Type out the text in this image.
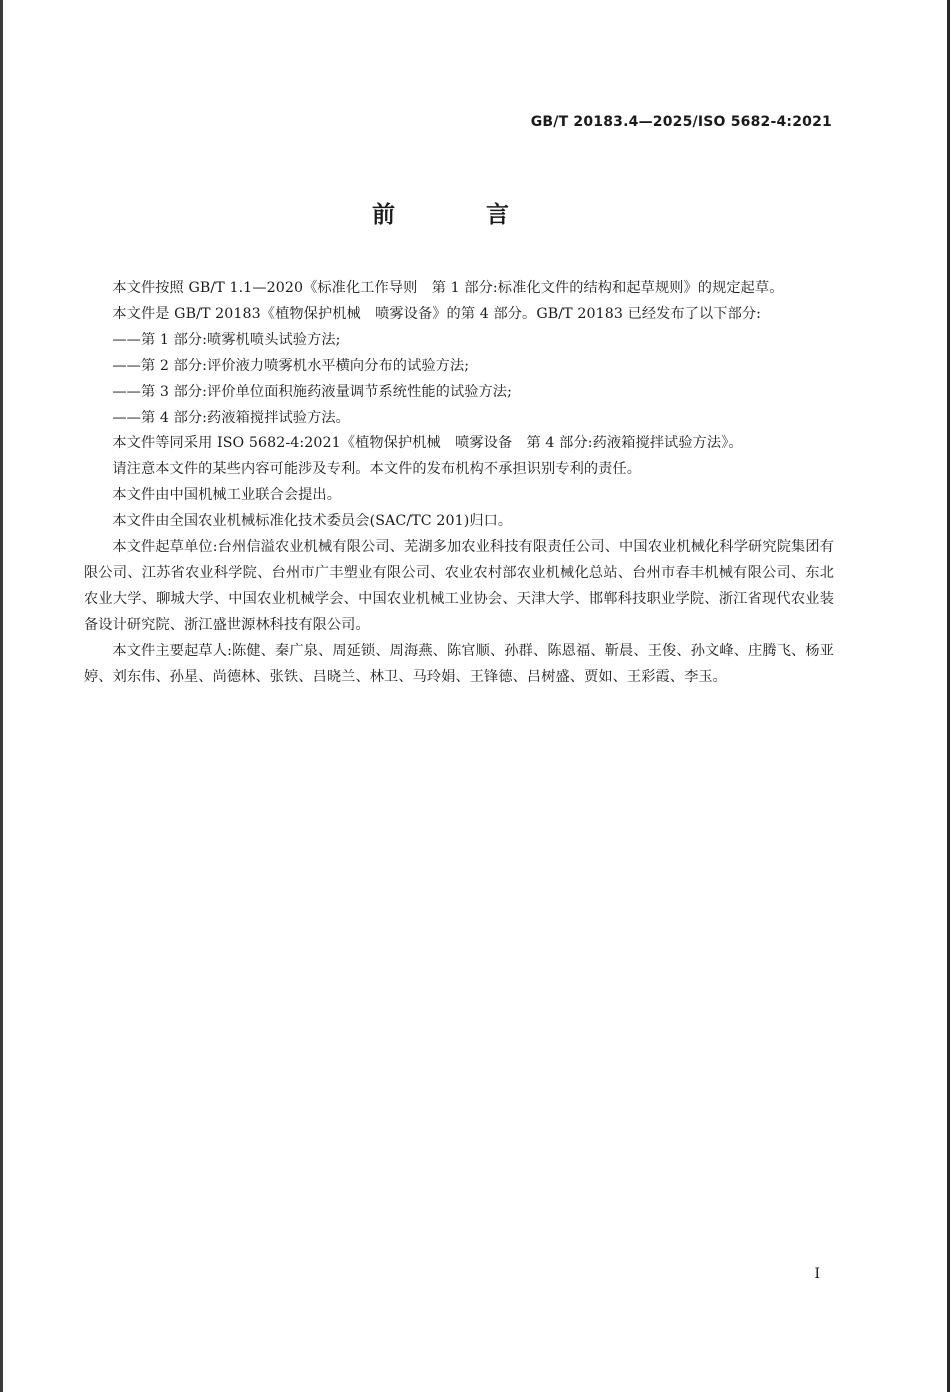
GB/T 20183.4—2025/ISO 5682-4:2021
前　言

本文件按照 GB/T 1.1—2020《标准化工作导则　第 1 部分:标准化文件的结构和起草规则》的规定起草。

本文件是 GB/T 20183《植物保护机械　喷雾设备》的第 4 部分。GB/T 20183 已经发布了以下部分:

——第 1 部分:喷雾机喷头试验方法;

——第 2 部分:评价液力喷雾机水平横向分布的试验方法;

——第 3 部分:评价单位面积施药液量调节系统性能的试验方法;

——第 4 部分:药液箱搅拌试验方法。

本文件等同采用 ISO 5682-4:2021《植物保护机械　喷雾设备　第 4 部分:药液箱搅拌试验方法》。

请注意本文件的某些内容可能涉及专利。本文件的发布机构不承担识别专利的责任。

本文件由中国机械工业联合会提出。

本文件由全国农业机械标准化技术委员会(SAC/TC 201)归口。

本文件起草单位:台州信溢农业机械有限公司、芜湖多加农业科技有限责任公司、中国农业机械化科学研究院集团有限公司、江苏省农业科学院、台州市广丰塑业有限公司、农业农村部农业机械化总站、台州市春丰机械有限公司、东北农业大学、聊城大学、中国农业机械学会、中国农业机械工业协会、天津大学、邯郸科技职业学院、浙江省现代农业装备设计研究院、浙江盛世源林科技有限公司。

本文件主要起草人:陈健、秦广泉、周延锁、周海燕、陈官顺、孙群、陈恩福、靳晨、王俊、孙文峰、庄腾飞、杨亚婷、刘东伟、孙星、尚德林、张铁、吕晓兰、林卫、马玲娟、王锋德、吕树盛、贾如、王彩霞、李玉。

I
